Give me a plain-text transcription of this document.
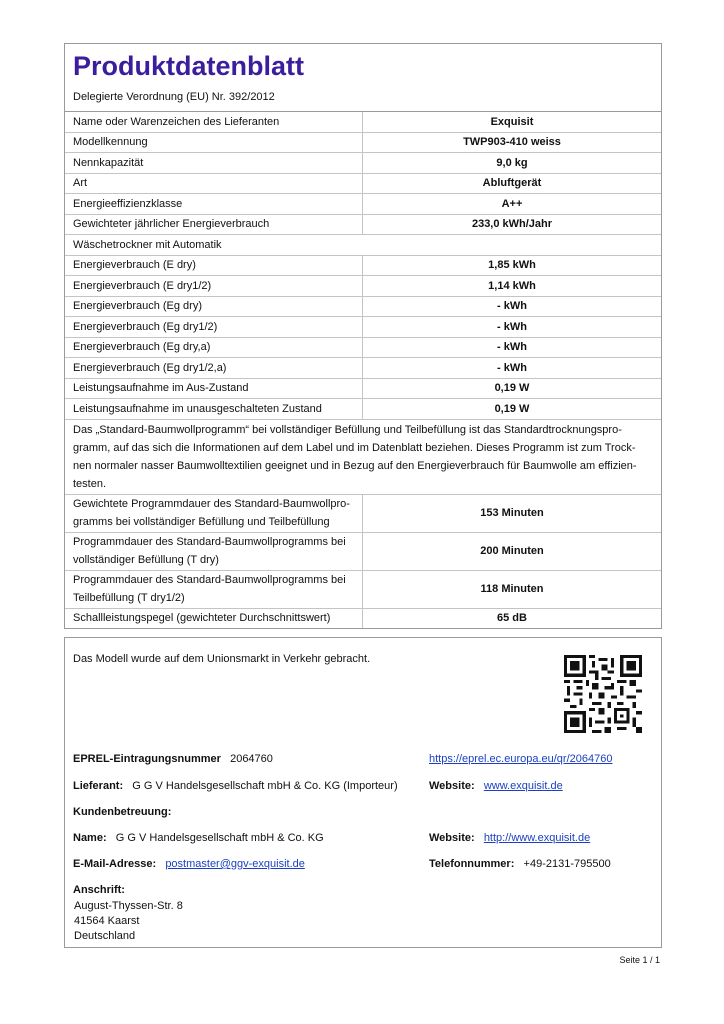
Produktdatenblatt
Delegierte Verordnung (EU) Nr. 392/2012
Name oder Warenzeichen des Lieferanten	Exquisit
Modellkennung	TWP903-410 weiss
Nennkapazität	9,0 kg
Art	Abluftgerät
Energieeffizienzklasse	A++
Gewichteter jährlicher Energieverbrauch	233,0 kWh/Jahr
Wäschetrockner mit Automatik	
Energieverbrauch (E dry)	1,85 kWh
Energieverbrauch (E dry1/2)	1,14 kWh
Energieverbrauch (Eg dry)	- kWh
Energieverbrauch (Eg dry1/2)	- kWh
Energieverbrauch (Eg dry,a)	- kWh
Energieverbrauch (Eg dry1/2,a)	- kWh
Leistungsaufnahme im Aus-Zustand	0,19 W
Leistungsaufnahme im unausgeschalteten Zustand	0,19 W

Das „Standard-Baumwollprogramm“ bei vollständiger Befüllung und Teilbefüllung ist das Standardtrocknungspro-
gramm, auf das sich die Informationen auf dem Label und im Datenblatt beziehen. Dieses Programm ist zum Trock-
nen normaler nasser Baumwolltextilien geeignet und in Bezug auf den Energieverbrauch für Baumwolle am effizien-
testen.	

Gewichtete Programmdauer des Standard-Baumwollpro-
gramms bei vollständiger Befüllung und Teilbefüllung	153 Minuten

Programmdauer des Standard-Baumwollprogramms bei
vollständiger Befüllung (T dry)	200 Minuten

Programmdauer des Standard-Baumwollprogramms bei
Teilbefüllung (T dry1/2)	118 Minuten
Schallleistungspegel (gewichteter Durchschnittswert)	65 dB
Das Modell wurde auf dem Unionsmarkt in Verkehr gebracht.
EPREL-Eintragungsnummer 2064760	https://eprel.ec.europa.eu/qr/2064760
Lieferant: G G V Handelsgesellschaft mbH & Co. KG (Importeur)	Website: www.exquisit.de
Kundenbetreuung:
Name: G G V Handelsgesellschaft mbH & Co. KG	Website: http://www.exquisit.de
E-Mail-Adresse: postmaster@ggv-exquisit.de	Telefonnummer: +49-2131-795500
Anschrift:
August-Thyssen-Str. 8
41564 Kaarst
Deutschland
Seite 1 / 1
